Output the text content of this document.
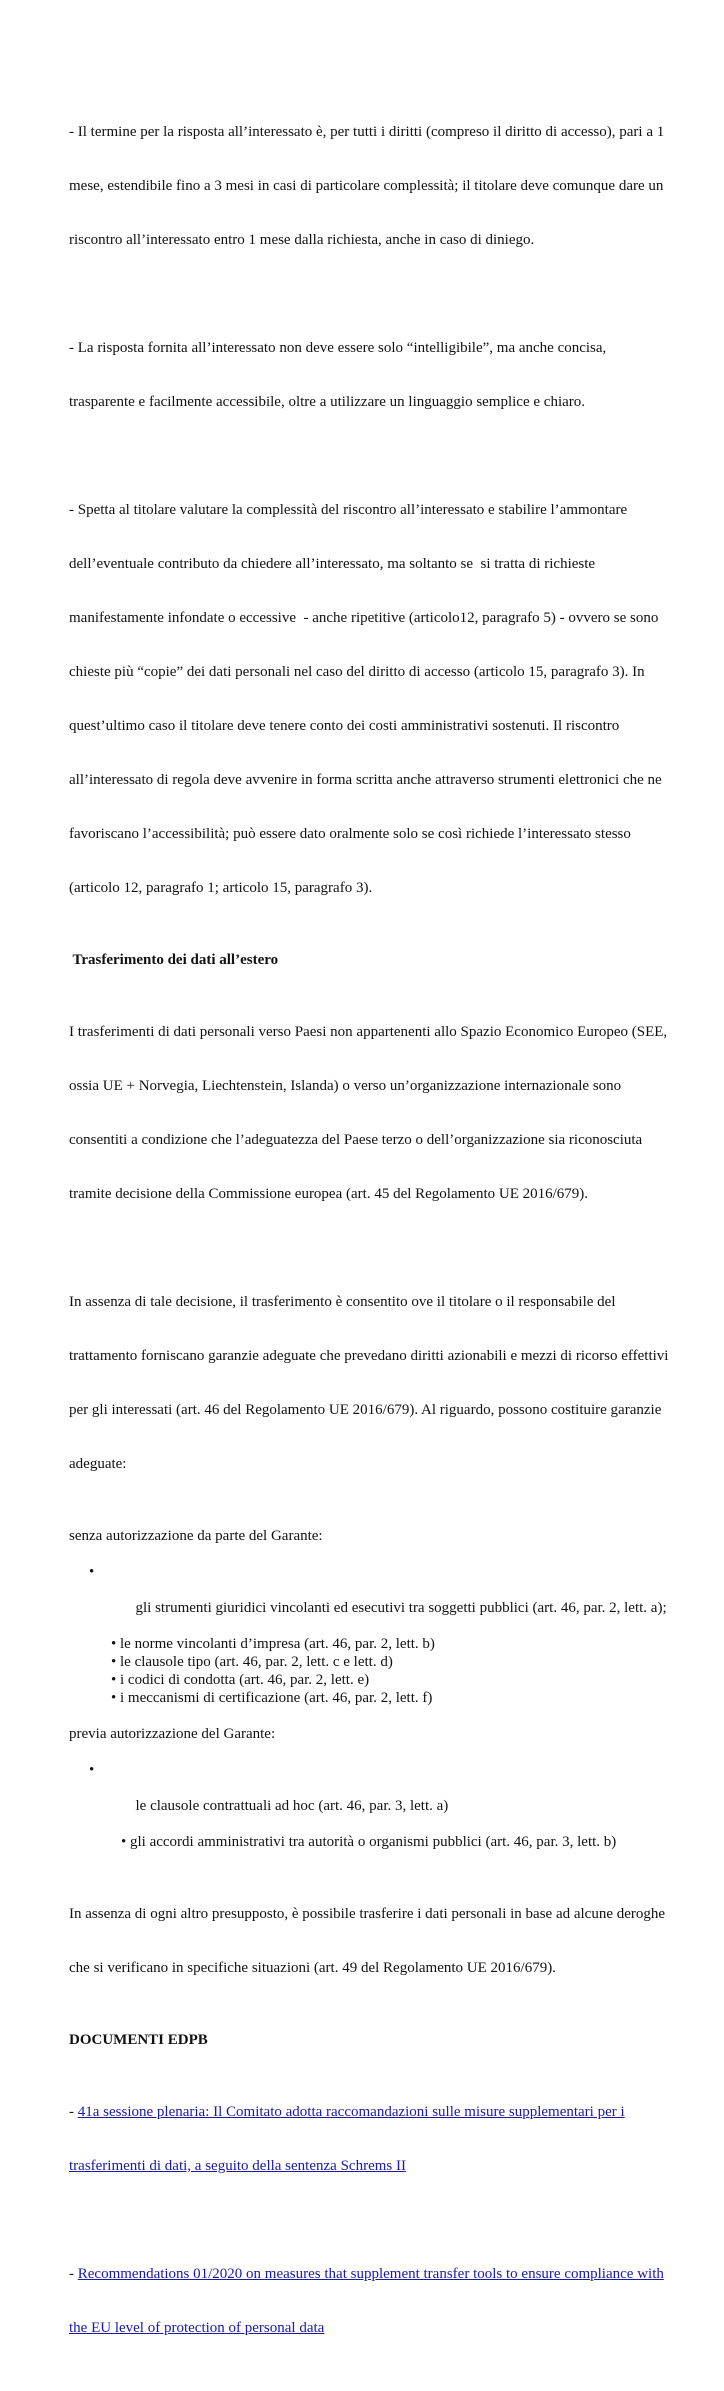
- Il termine per la risposta all’interessato è, per tutti i diritti (compreso il diritto di accesso), pari a 1

mese, estendibile fino a 3 mesi in casi di particolare complessità; il titolare deve comunque dare un

riscontro all’interessato entro 1 mese dalla richiesta, anche in caso di diniego.

- La risposta fornita all’interessato non deve essere solo “intelligibile”, ma anche concisa,

trasparente e facilmente accessibile, oltre a utilizzare un linguaggio semplice e chiaro.

- Spetta al titolare valutare la complessità del riscontro all’interessato e stabilire l’ammontare

dell’eventuale contributo da chiedere all’interessato, ma soltanto se  si tratta di richieste

manifestamente infondate o eccessive  - anche ripetitive (articolo12, paragrafo 5) - ovvero se sono

chieste più “copie” dei dati personali nel caso del diritto di accesso (articolo 15, paragrafo 3). In

quest’ultimo caso il titolare deve tenere conto dei costi amministrativi sostenuti. Il riscontro

all’interessato di regola deve avvenire in forma scritta anche attraverso strumenti elettronici che ne

favoriscano l’accessibilità; può essere dato oralmente solo se così richiede l’interessato stesso

(articolo 12, paragrafo 1; articolo 15, paragrafo 3).

Trasferimento dei dati all’estero

I trasferimenti di dati personali verso Paesi non appartenenti allo Spazio Economico Europeo (SEE,

ossia UE + Norvegia, Liechtenstein, Islanda) o verso un’organizzazione internazionale sono

consentiti a condizione che l’adeguatezza del Paese terzo o dell’organizzazione sia riconosciuta

tramite decisione della Commissione europea (art. 45 del Regolamento UE 2016/679).

In assenza di tale decisione, il trasferimento è consentito ove il titolare o il responsabile del

trattamento forniscano garanzie adeguate che prevedano diritti azionabili e mezzi di ricorso effettivi

per gli interessati (art. 46 del Regolamento UE 2016/679). Al riguardo, possono costituire garanzie

adeguate:

senza autorizzazione da parte del Garante:

•

gli strumenti giuridici vincolanti ed esecutivi tra soggetti pubblici (art. 46, par. 2, lett. a);

• le norme vincolanti d’impresa (art. 46, par. 2, lett. b)
• le clausole tipo (art. 46, par. 2, lett. c e lett. d)
• i codici di condotta (art. 46, par. 2, lett. e)
• i meccanismi di certificazione (art. 46, par. 2, lett. f)

previa autorizzazione del Garante:

•

le clausole contrattuali ad hoc (art. 46, par. 3, lett. a)

• gli accordi amministrativi tra autorità o organismi pubblici (art. 46, par. 3, lett. b)

In assenza di ogni altro presupposto, è possibile trasferire i dati personali in base ad alcune deroghe

che si verificano in specifiche situazioni (art. 49 del Regolamento UE 2016/679).

DOCUMENTI EDPB

- 41a sessione plenaria: Il Comitato adotta raccomandazioni sulle misure supplementari per i

trasferimenti di dati, a seguito della sentenza Schrems II

- Recommendations 01/2020 on measures that supplement transfer tools to ensure compliance with

the EU level of protection of personal data
